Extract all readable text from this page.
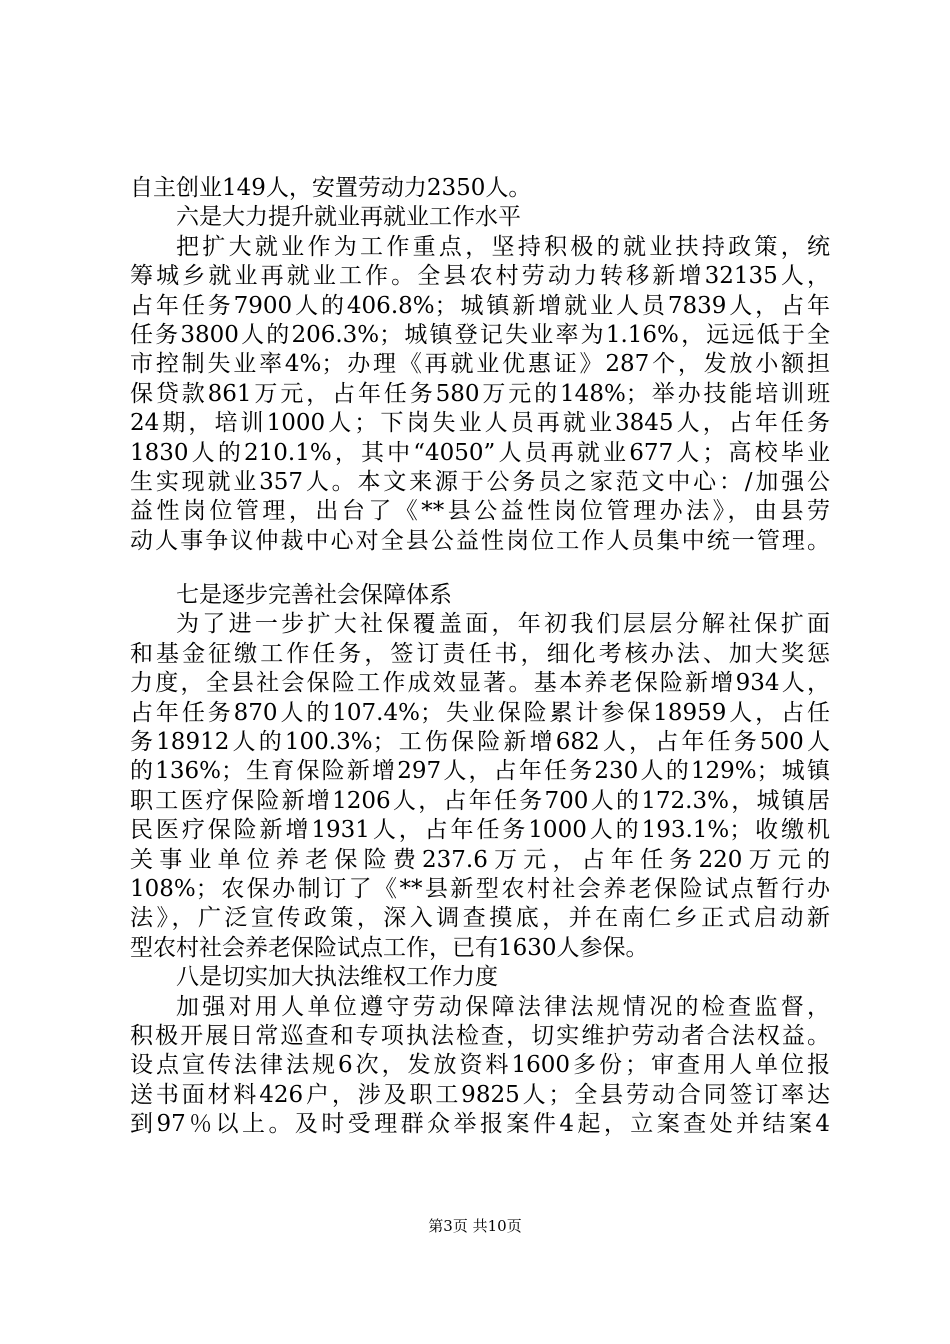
自主创业149人，安置劳动力2350人。
六是大力提升就业再就业工作水平
把扩大就业作为工作重点，坚持积极的就业扶持政策，统
筹城乡就业再就业工作。全县农村劳动力转移新增32135人，
占年任务7900人的406.8%；城镇新增就业人员7839人，占年
任务3800人的206.3%；城镇登记失业率为1.16%，远远低于全
市控制失业率4%；办理《再就业优惠证》287个，发放小额担
保贷款861万元，占年任务580万元的148%；举办技能培训班
24期，培训1000人；下岗失业人员再就业3845人，占年任务
1830人的210.1%，其中“4050”人员再就业677人；高校毕业
生实现就业357人。本文来源于公务员之家范文中心：/加强公
益性岗位管理，出台了《**县公益性岗位管理办法》，由县劳
动人事争议仲裁中心对全县公益性岗位工作人员集中统一管理。
七是逐步完善社会保障体系
为了进一步扩大社保覆盖面，年初我们层层分解社保扩面
和基金征缴工作任务，签订责任书，细化考核办法、加大奖惩
力度，全县社会保险工作成效显著。基本养老保险新增934人，
占年任务870人的107.4%；失业保险累计参保18959人，占任
务18912人的100.3%；工伤保险新增682人，占年任务500人
的136%；生育保险新增297人，占年任务230人的129%；城镇
职工医疗保险新增1206人，占年任务700人的172.3%，城镇居
民医疗保险新增1931人，占年任务1000人的193.1%；收缴机
关事业单位养老保险费237.6万元，占年任务220万元的
108%；农保办制订了《**县新型农村社会养老保险试点暂行办
法》，广泛宣传政策，深入调查摸底，并在南仁乡正式启动新
型农村社会养老保险试点工作，已有1630人参保。
八是切实加大执法维权工作力度
加强对用人单位遵守劳动保障法律法规情况的检查监督，
积极开展日常巡查和专项执法检查，切实维护劳动者合法权益。
设点宣传法律法规6次，发放资料1600多份；审查用人单位报
送书面材料426户，涉及职工9825人；全县劳动合同签订率达
到97％以上。及时受理群众举报案件4起，立案查处并结案4
第3页 共10页
